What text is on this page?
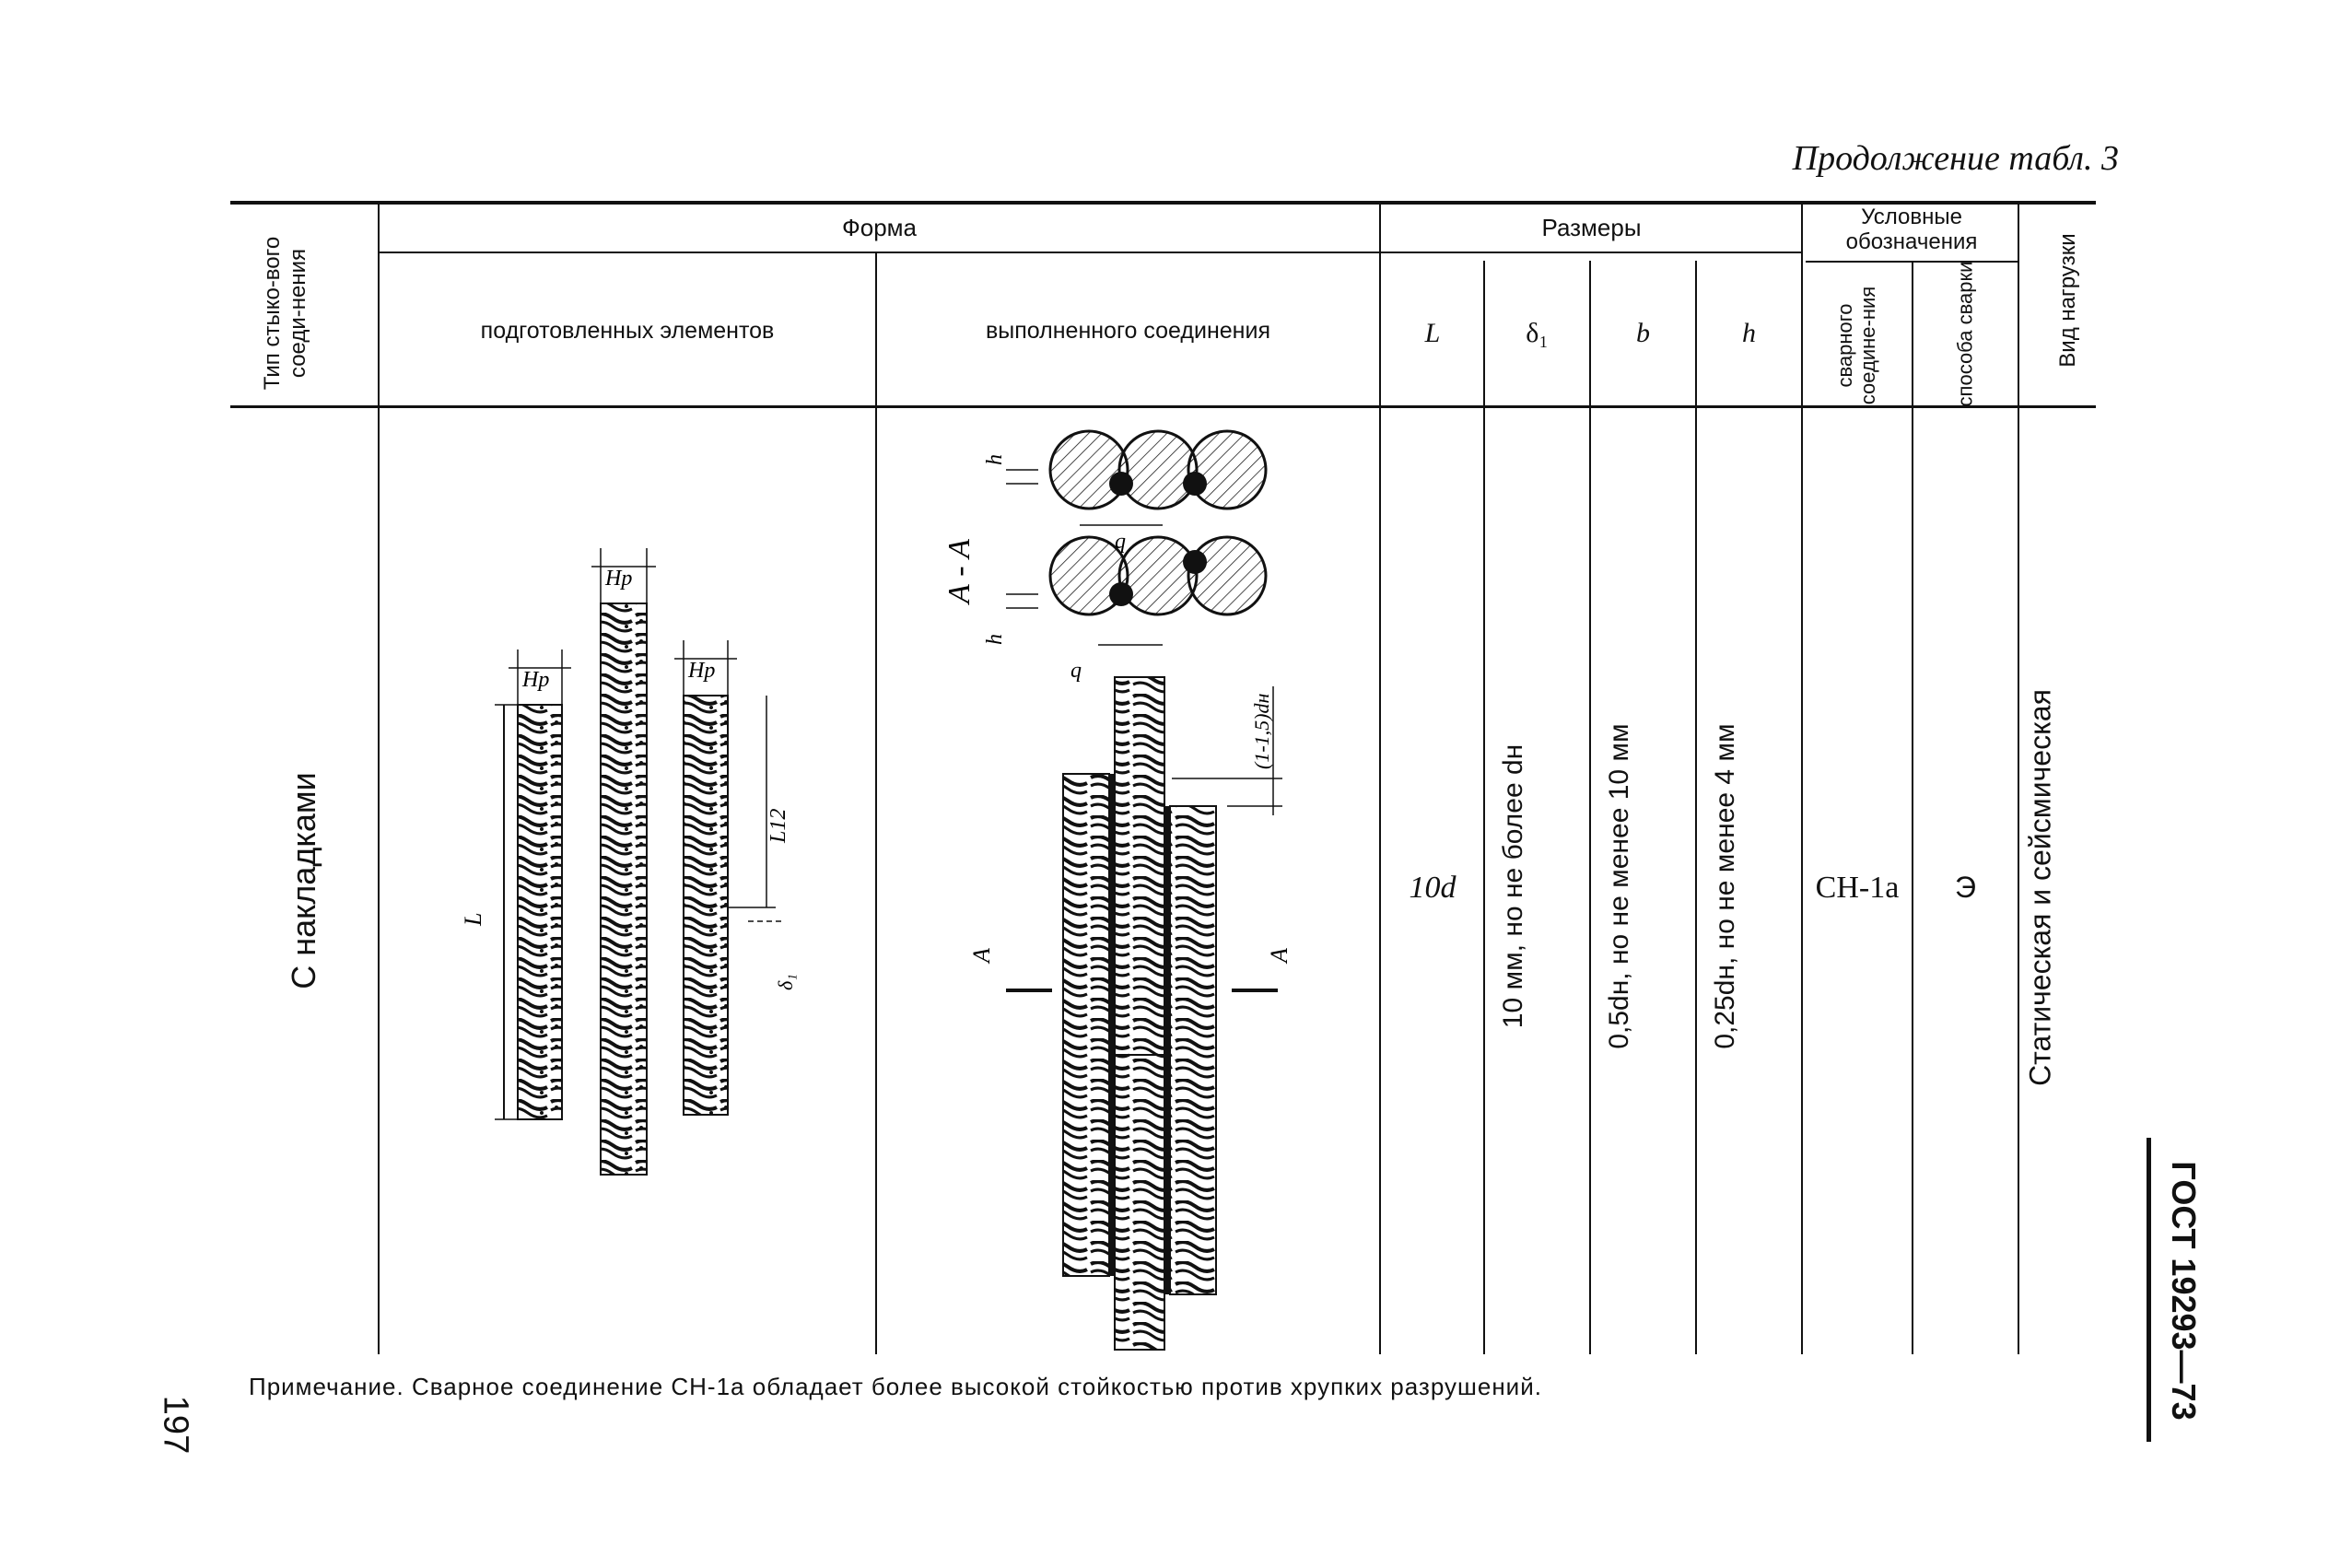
Продолжение табл. 3
Тип стыко-вого соеди-нения
Форма
подготовленных элементов	выполненного соединения
Размеры
L	δ₁	b	h
Условные обозначения
сварного соедине-ния	способа сварки	Вид нагрузки
С накладками	10d	10 мм, но не более dн	0,5dн, но не менее 10 мм	0,25dн, но не менее 4 мм	СН-1а	Э	Статическая и сейсмическая
L
Нр
Нр
Нр
L12
δ₁
А - А
h
h
q
q
А	А
(1-1,5)dн
Примечание. Сварное соединение СН-1а обладает более высокой стойкостью против хрупких разрушений.
197
ГОСТ 19293—73
